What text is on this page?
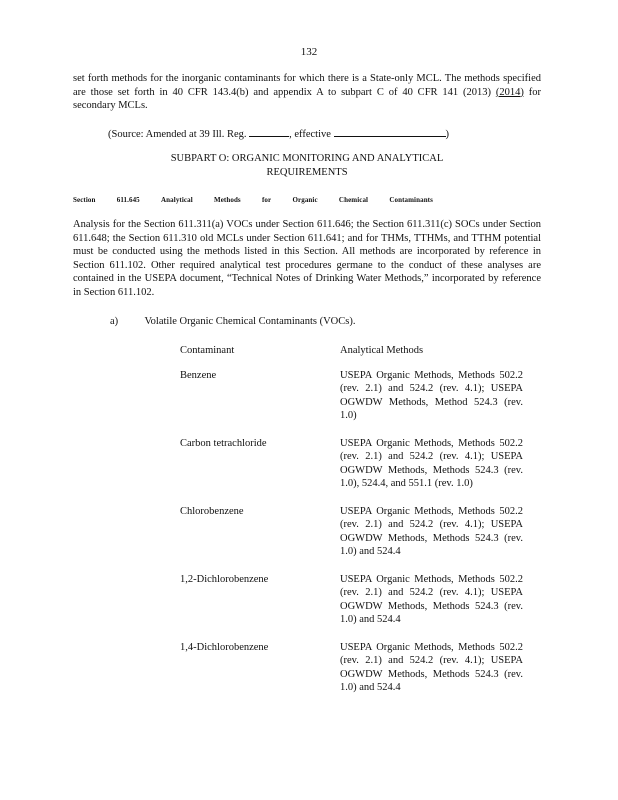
132
set forth methods for the inorganic contaminants for which there is a State-only MCL. The methods specified are those set forth in 40 CFR 143.4(b) and appendix A to subpart C of 40 CFR 141 (2013) (2014) for secondary MCLs.
(Source: Amended at 39 Ill. Reg.	, effective	)
SUBPART O: ORGANIC MONITORING AND ANALYTICAL
REQUIREMENTS
Section	611.645	Analytical	Methods	for	Organic	Chemical	Contaminants
Analysis for the Section 611.311(a) VOCs under Section 611.646; the Section 611.311(c) SOCs under Section 611.648; the Section 611.310 old MCLs under Section 611.641; and for THMs, TTHMs, and TTHM potential must be conducted using the methods listed in this Section. All methods are incorporated by reference in Section 611.102. Other required analytical test procedures germane to the conduct of these analyses are contained in the USEPA document, “Technical Notes of Drinking Water Methods,” incorporated by reference in Section 611.102.
a)	Volatile Organic Chemical Contaminants (VOCs).
Contaminant	Analytical Methods
Benzene	USEPA Organic Methods, Methods 502.2 (rev. 2.1) and 524.2 (rev. 4.1); USEPA OGWDW Methods, Method 524.3 (rev. 1.0)
Carbon tetrachloride	USEPA Organic Methods, Methods 502.2 (rev. 2.1) and 524.2 (rev. 4.1); USEPA OGWDW Methods, Methods 524.3 (rev. 1.0), 524.4, and 551.1 (rev. 1.0)
Chlorobenzene	USEPA Organic Methods, Methods 502.2 (rev. 2.1) and 524.2 (rev. 4.1); USEPA OGWDW Methods, Methods 524.3 (rev. 1.0) and 524.4
1,2-Dichlorobenzene	USEPA Organic Methods, Methods 502.2 (rev. 2.1) and 524.2 (rev. 4.1); USEPA OGWDW Methods, Methods 524.3 (rev. 1.0) and 524.4
1,4-Dichlorobenzene	USEPA Organic Methods, Methods 502.2 (rev. 2.1) and 524.2 (rev. 4.1); USEPA OGWDW Methods, Methods 524.3 (rev. 1.0) and 524.4
